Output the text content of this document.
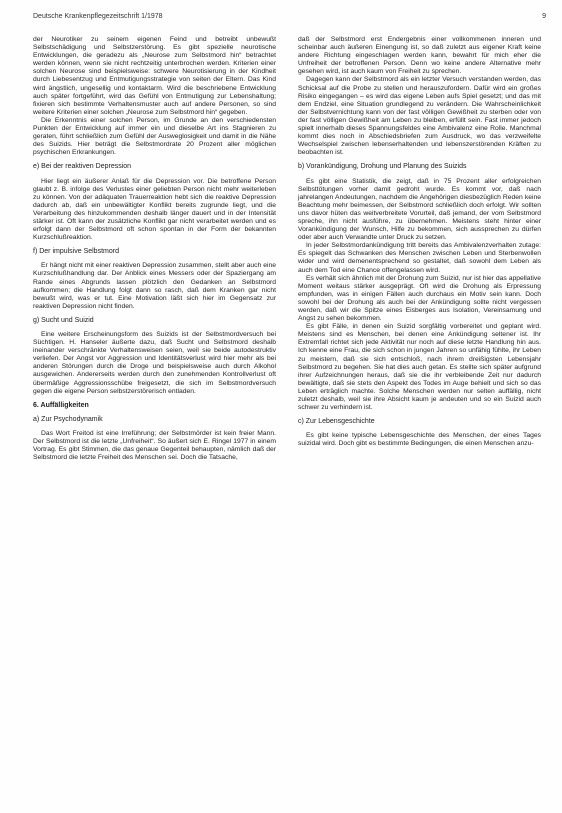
Deutsche Krankenpflegezeitschrift 1/1978	9

der Neurotiker zu seinem eigenen Feind und betreibt unbewußt Selbstschädigung und Selbstzerstörung. Es gibt spezielle neurotische Entwicklungen, die geradezu als „Neurose zum Selbstmord hin“ betrachtet werden können, wenn sie nicht rechtzeitig unterbrochen werden. Kriterien einer solchen Neurose sind beispielsweise: schwere Neurotisierung in der Kindheit durch Liebesentzug und Entmutigungsstrategie von seiten der Eltern. Das Kind wird ängstlich, ungesellig und kontaktarm. Wird die beschriebene Entwicklung auch später fortgeführt, wird das Gefühl von Entmutigung zur Lebenshaltung; fixieren sich bestimmte Verhaltensmuster auch auf andere Personen, so sind weitere Kriterien einer solchen „Neurose zum Selbstmord hin“ gegeben.

Die Erkenntnis einer solchen Person, im Grunde an den verschiedensten Punkten der Entwicklung auf immer ein und dieselbe Art ins Stagnieren zu geraten, führt schließlich zum Gefühl der Ausweglosigkeit und damit in die Nähe des Suizids. Hier beträgt die Selbstmordrate 20 Prozent aller möglichen psychischen Erkrankungen.

e) Bei der reaktiven Depression

Hier liegt ein äußerer Anlaß für die Depression vor. Die betroffene Person glaubt z. B. infolge des Verlustes einer geliebten Person nicht mehr weiterleben zu können. Von der adäquaten Trauerreaktion hebt sich die reaktive Depression dadurch ab, daß ein unbewältigter Konflikt bereits zugrunde liegt, und die Verarbeitung des hinzukommenden deshalb länger dauert und in der Intensität stärker ist. Oft kann der zusätzliche Konflikt gar nicht verarbeitet werden und es erfolgt dann der Selbstmord oft schon spontan in der Form der bekannten Kurzschlußreaktion.

f) Der impulsive Selbstmord

Er hängt nicht mit einer reaktiven Depression zusammen, stellt aber auch eine Kurzschlußhandlung dar. Der Anblick eines Messers oder der Spaziergang am Rande eines Abgrunds lassen plötzlich den Gedanken an Selbstmord aufkommen; die Handlung folgt dann so rasch, daß dem Kranken gar nicht bewußt wird, was er tut. Eine Motivation läßt sich hier im Gegensatz zur reaktiven Depression nicht finden.

g) Sucht und Suizid

Eine weitere Erscheinungsform des Suizids ist der Selbstmordversuch bei Süchtigen. H. Hanseler äußerte dazu, daß Sucht und Selbstmord deshalb ineinander verschränkte Verhaltensweisen seien, weil sie beide autodestruktiv verliefen. Der Angst vor Aggression und Identitätsverlust wird hier mehr als bei anderen Störungen durch die Droge und beispielsweise auch durch Alkohol ausgewichen. Andererseits werden durch den zunehmenden Kontrollverlust oft übermäßige Aggressionsschübe freigesetzt, die sich im Selbstmordversuch gegen die eigene Person selbstzerstörerisch entladen.

6. Auffälligkeiten
a) Zur Psychodynamik

Das Wort Freitod ist eine Irreführung; der Selbstmörder ist kein freier Mann. Der Selbstmord ist die letzte „Unfreiheit“. So äußert sich E. Ringel 1977 in einem Vortrag. Es gibt Stimmen, die das genaue Gegenteil behaupten, nämlich daß der Selbstmord die letzte Freiheit des Menschen sei. Doch die Tatsache,

daß der Selbstmord erst Endergebnis einer vollkommenen inneren und scheinbar auch äußeren Einengung ist, so daß zuletzt aus eigener Kraft keine andere Richtung eingeschlagen werden kann, bewahrt für mich eher die Unfreiheit der betroffenen Person. Denn wo keine andere Alternative mehr gesehen wird, ist auch kaum von Freiheit zu sprechen.

Dagegen kann der Selbstmord als ein letzter Versuch verstanden werden, das Schicksal auf die Probe zu stellen und herauszufordern. Dafür wird ein großes Risiko eingegangen – es wird das eigene Leben aufs Spiel gesetzt; und das mit dem Endziel, eine Situation grundlegend zu verändern. Die Wahrscheinlichkeit der Selbstvernichtung kann von der fast völligen Gewißheit zu sterben oder von der fast völligen Gewißheit am Leben zu bleiben, erfüllt sein. Fast immer jedoch spielt innerhalb dieses Spannungsfeldes eine Ambivalenz eine Rolle. Manchmal kommt dies noch in Abschiedsbriefen zum Ausdruck, wo das verzweifelte Wechselspiel zwischen lebenserhaltenden und lebenszerstörenden Kräften zu beobachten ist.

b) Vorankündigung, Drohung und Planung des Suizids

Es gibt eine Statistik, die zeigt, daß in 75 Prozent aller erfolgreichen Selbsttötungen vorher damit gedroht wurde. Es kommt vor, daß nach jahrelangen Andeutungen, nachdem die Angehörigen diesbezüglich Reden keine Beachtung mehr beimessen, der Selbstmord schließlich doch erfolgt. Wir sollten uns davor hüten das weitverbreitete Vorurteil, daß jemand, der vom Selbstmord spreche, ihn nicht ausführe, zu übernehmen. Meistens steht hinter einer Vorankündigung der Wunsch, Hilfe zu bekommen, sich aussprechen zu dürfen oder aber auch Verwandte unter Druck zu setzen.

In jeder Selbstmordankündigung tritt bereits das Ambivalenzverhalten zutage: Es spiegelt das Schwanken des Menschen zwischen Leben und Sterbenwollen wider und wird demenentsprechend so gestaltet, daß sowohl dem Leben als auch dem Tod eine Chance offengelassen wird.

Es verhält sich ähnlich mit der Drohung zum Suizid, nur ist hier das appellative Moment weitaus stärker ausgeprägt. Oft wird die Drohung als Erpressung empfunden, was in einigen Fällen auch durchaus ein Motiv sein kann. Doch sowohl bei der Drohung als auch bei der Ankündigung sollte nicht vergessen werden, daß wir die Spitze eines Eisberges aus Isolation, Vereinsamung und Angst zu sehen bekommen.

Es gibt Fälle, in denen ein Suizid sorgfältig vorbereitet und geplant wird. Meistens sind es Menschen, bei denen eine Ankündigung seltener ist. Ihr Extremfall richtet sich jede Aktivität nur noch auf diese letzte Handlung hin aus. Ich kenne eine Frau, die sich schon in jungen Jahren so unfähig fühlte, ihr Leben zu meistern, daß sie sich entschloß, nach ihrem dreißigsten Lebensjahr Selbstmord zu begehen. Sie hat dies auch getan. Es stellte sich später aufgrund ihrer Aufzeichnungen heraus, daß sie die ihr verbleibende Zeit nur dadurch bewältigte, daß sie stets den Aspekt des Todes im Auge behielt und sich so das Leben erträglich machte. Solche Menschen werden nur selten auffällig, nicht zuletzt deshalb, weil sie ihre Absicht kaum je andeuten und so ein Suizid auch schwer zu verhindern ist.

c) Zur Lebensgeschichte

Es gibt keine typische Lebensgeschichte des Menschen, der eines Tages suizidal wird. Doch gibt es bestimmte Bedingungen, die einen Menschen anzu-
